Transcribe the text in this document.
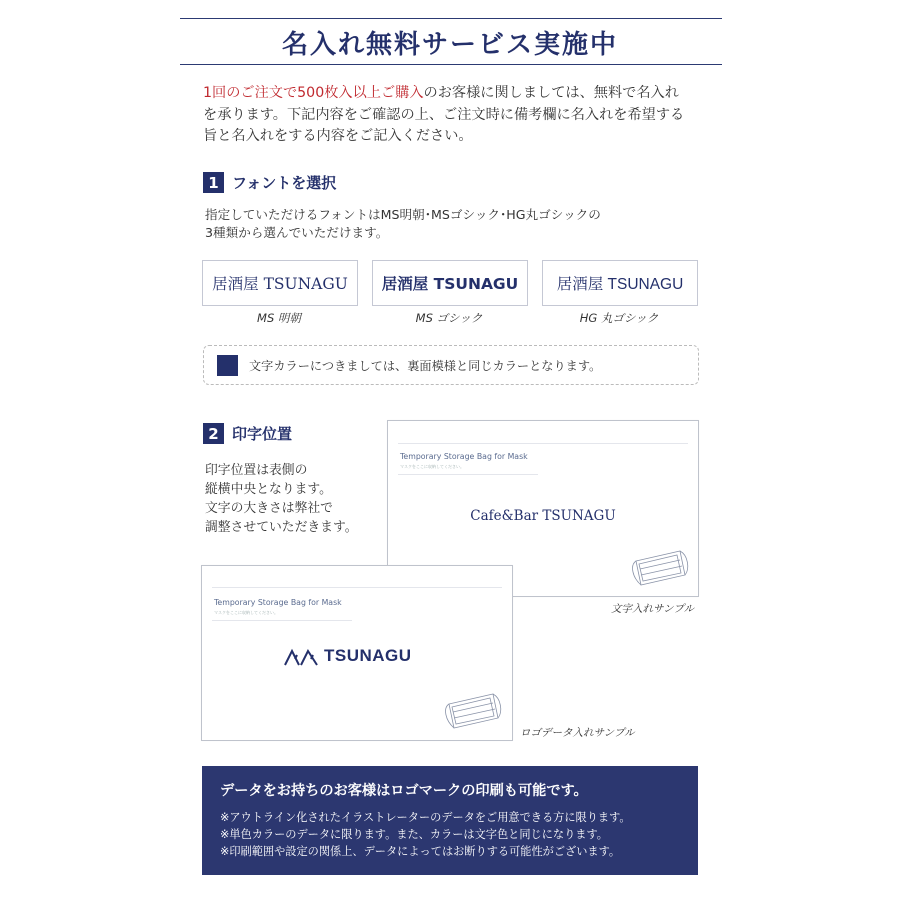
名入れ無料サービス実施中
1回のご注文で500枚入以上ご購入のお客様に関しましては、無料で名入れ
を承ります。下記内容をご確認の上、ご注文時に備考欄に名入れを希望する
旨と名入れをする内容をご記入ください。
1 フォントを選択
指定していただけるフォントはMS明朝･MSゴシック･HG丸ゴシックの
3種類から選んでいただけます。
居酒屋 TSUNAGU
MS 明朝
居酒屋 TSUNAGU
MS ゴシック
居酒屋 TSUNAGU
HG 丸ゴシック
文字カラーにつきましては、裏面模様と同じカラーとなります。
2 印字位置
印字位置は表側の
縦横中央となります。
文字の大きさは弊社で
調整させていただきます。
Temporary Storage Bag for Mask
マスクをここに収納してください。
Cafe&Bar TSUNAGU
文字入れサンプル
Temporary Storage Bag for Mask
マスクをここに収納してください。
TSUNAGU
ロゴデータ入れサンプル
データをお持ちのお客様はロゴマークの印刷も可能です。
※アウトライン化されたイラストレーターのデータをご用意できる方に限ります。
※単色カラーのデータに限ります。また、カラーは文字色と同じになります。
※印刷範囲や設定の関係上、データによってはお断りする可能性がございます。
